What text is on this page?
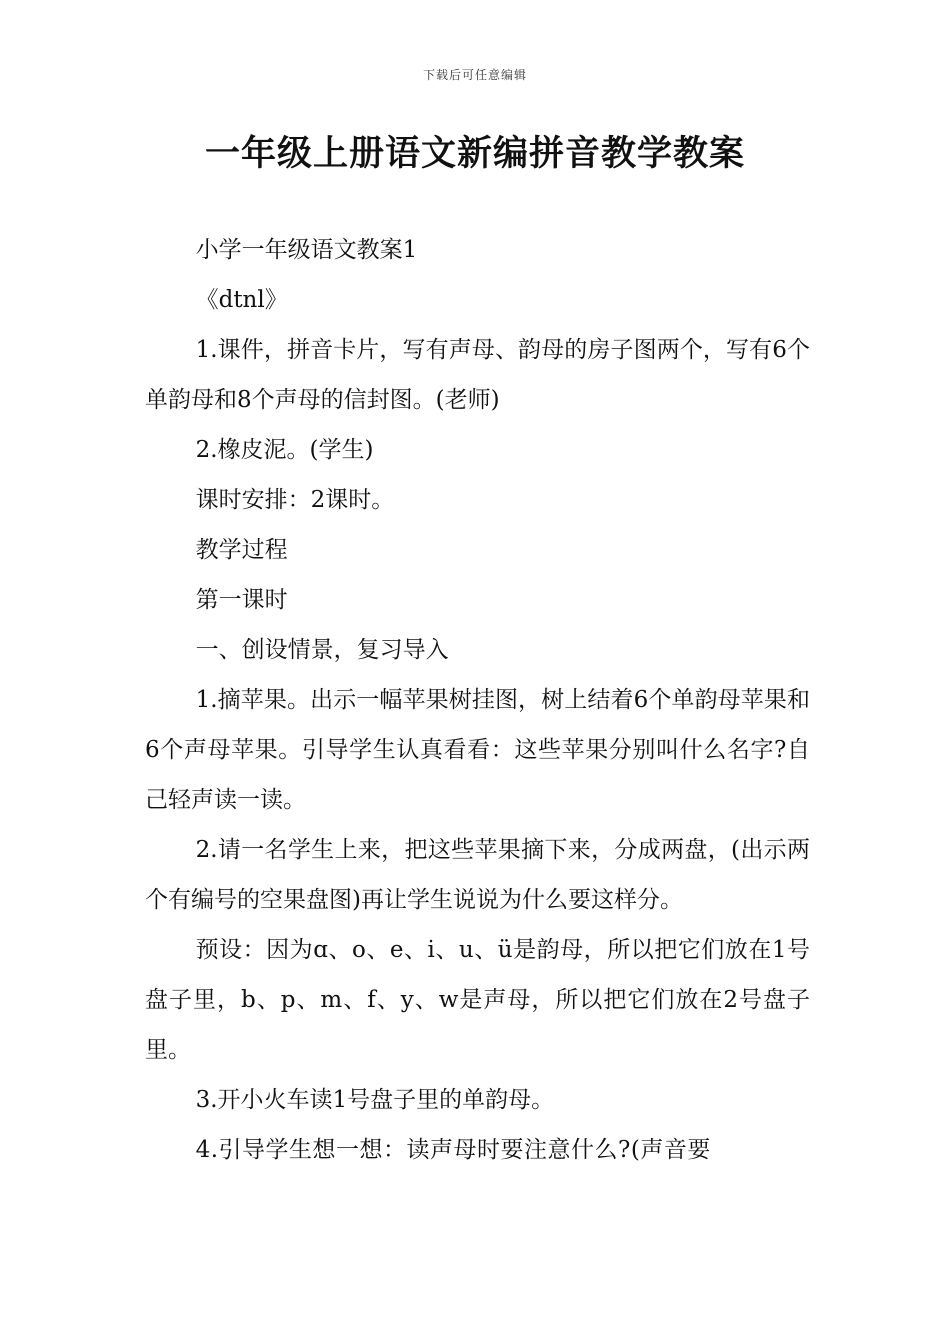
下载后可任意编辑
一年级上册语文新编拼音教学教案

小学一年级语文教案1

《dtnl》

1.课件，拼音卡片，写有声母、韵母的房子图两个，写有6个单韵母和8个声母的信封图。(老师)

2.橡皮泥。(学生)

课时安排：2课时。

教学过程

第一课时

一、创设情景，复习导入

1.摘苹果。出示一幅苹果树挂图，树上结着6个单韵母苹果和6个声母苹果。引导学生认真看看：这些苹果分别叫什么名字?自己轻声读一读。

2.请一名学生上来，把这些苹果摘下来，分成两盘，(出示两个有编号的空果盘图)再让学生说说为什么要这样分。

预设：因为ɑ、o、e、i、u、ü是韵母，所以把它们放在1号盘子里，b、p、m、f、y、w是声母，所以把它们放在2号盘子里。

3.开小火车读1号盘子里的单韵母。

4.引导学生想一想：读声母时要注意什么?(声音要
